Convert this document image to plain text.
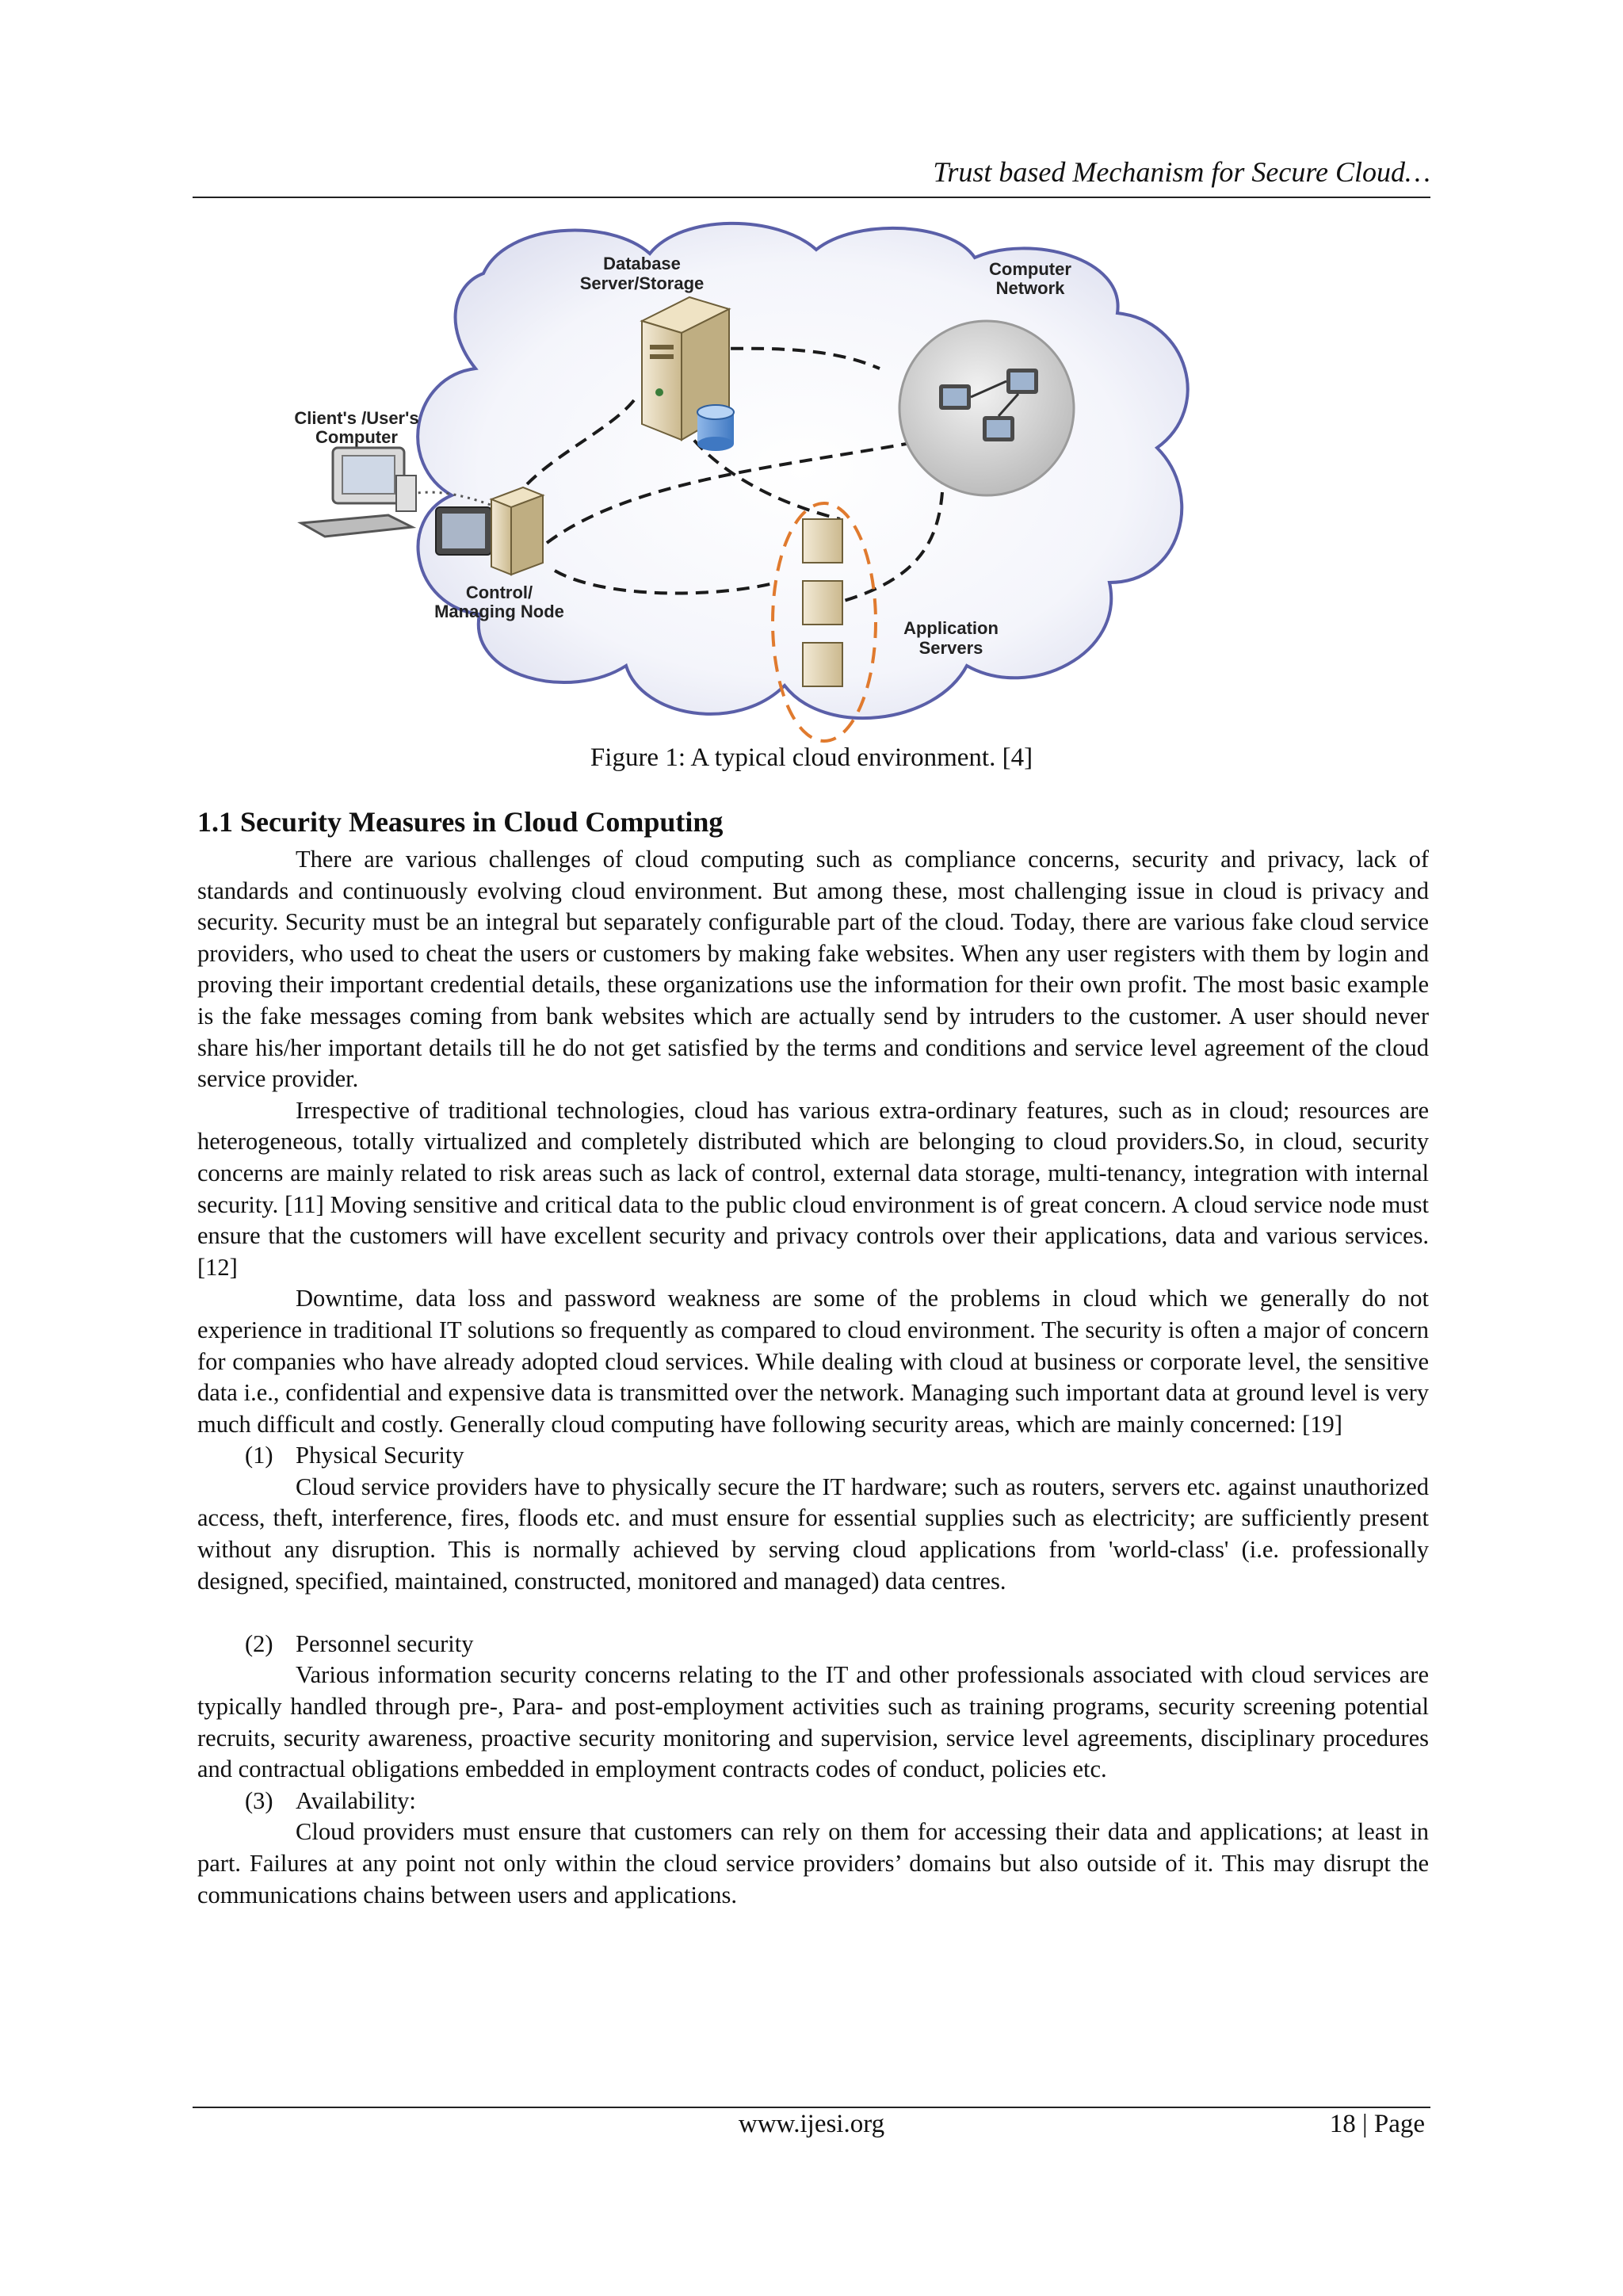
Trust based Mechanism for Secure Cloud…
Database
Server/Storage
Computer
Network
Client's /User's
Computer
Control/
Managing Node
Application
Servers
Figure 1: A typical cloud environment. [4]
1.1 Security Measures in Cloud Computing

There are various challenges of cloud computing such as compliance concerns, security and privacy, lack of standards and continuously evolving cloud environment. But among these, most challenging issue in cloud is privacy and security. Security must be an integral but separately configurable part of the cloud. Today, there are various fake cloud service providers, who used to cheat the users or customers by making fake websites. When any user registers with them by login and proving their important credential details, these organizations use the information for their own profit. The most basic example is the fake messages coming from bank websites which are actually send by intruders to the customer. A user should never share his/her important details till he do not get satisfied by the terms and conditions and service level agreement of the cloud service provider.

Irrespective of traditional technologies, cloud has various extra-ordinary features, such as in cloud; resources are heterogeneous, totally virtualized and completely distributed which are belonging to cloud providers.So, in cloud, security concerns are mainly related to risk areas such as lack of control, external data storage, multi-tenancy, integration with internal security. [11] Moving sensitive and critical data to the public cloud environment is of great concern. A cloud service node must ensure that the customers will have excellent security and privacy controls over their applications, data and various services. [12]

Downtime, data loss and password weakness are some of the problems in cloud which we generally do not experience in traditional IT solutions so frequently as compared to cloud environment. The security is often a major of concern for companies who have already adopted cloud services. While dealing with cloud at business or corporate level, the sensitive data i.e., confidential and expensive data is transmitted over the network. Managing such important data at ground level is very much difficult and costly. Generally cloud computing have following security areas, which are mainly concerned: [19]

(1) Physical Security

Cloud service providers have to physically secure the IT hardware; such as routers, servers etc. against unauthorized access, theft, interference, fires, floods etc. and must ensure for essential supplies such as electricity; are sufficiently present without any disruption. This is normally achieved by serving cloud applications from 'world-class' (i.e. professionally designed, specified, maintained, constructed, monitored and managed) data centres.

(2) Personnel security

Various information security concerns relating to the IT and other professionals associated with cloud services are typically handled through pre-, Para- and post-employment activities such as training programs, security screening potential recruits, security awareness, proactive security monitoring and supervision, service level agreements, disciplinary procedures and contractual obligations embedded in employment contracts codes of conduct, policies etc.

(3) Availability:

Cloud providers must ensure that customers can rely on them for accessing their data and applications; at least in part. Failures at any point not only within the cloud service providers’ domains but also outside of it. This may disrupt the communications chains between users and applications.

www.ijesi.org	18 | Page
